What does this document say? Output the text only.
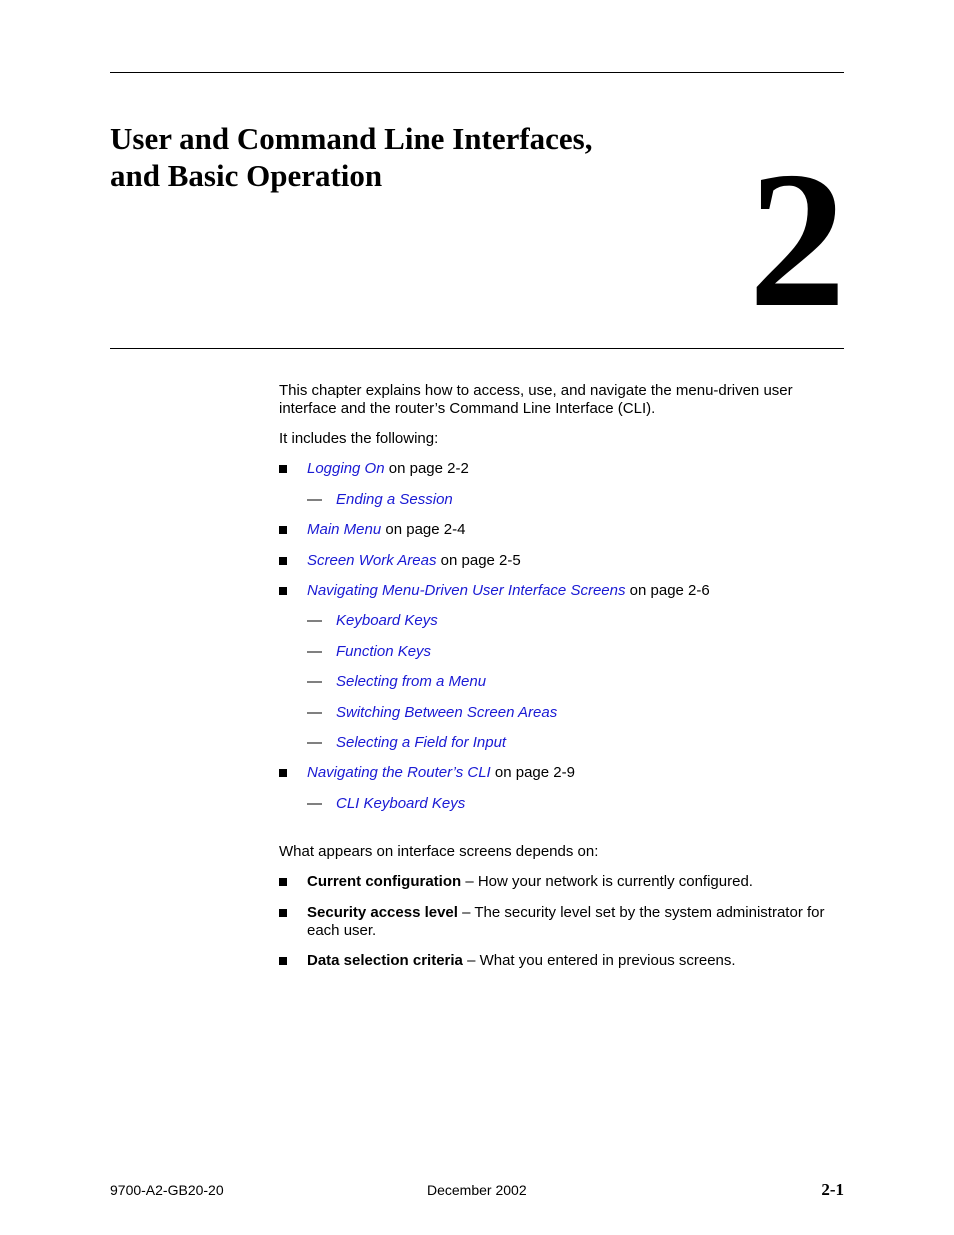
User and Command Line Interfaces,
and Basic Operation	2
This chapter explains how to access, use, and navigate the menu-driven user
interface and the router’s Command Line Interface (CLI).
It includes the following:
Logging On on page 2-2
— Ending a Session
Main Menu on page 2-4
Screen Work Areas on page 2-5
Navigating Menu-Driven User Interface Screens on page 2-6
— Keyboard Keys
— Function Keys
— Selecting from a Menu
— Switching Between Screen Areas
— Selecting a Field for Input
Navigating the Router’s CLI on page 2-9
— CLI Keyboard Keys
What appears on interface screens depends on:
Current configuration – How your network is currently configured.
Security access level – The security level set by the system administrator for
each user.
Data selection criteria – What you entered in previous screens.
9700-A2-GB20-20	December 2002	2-1
